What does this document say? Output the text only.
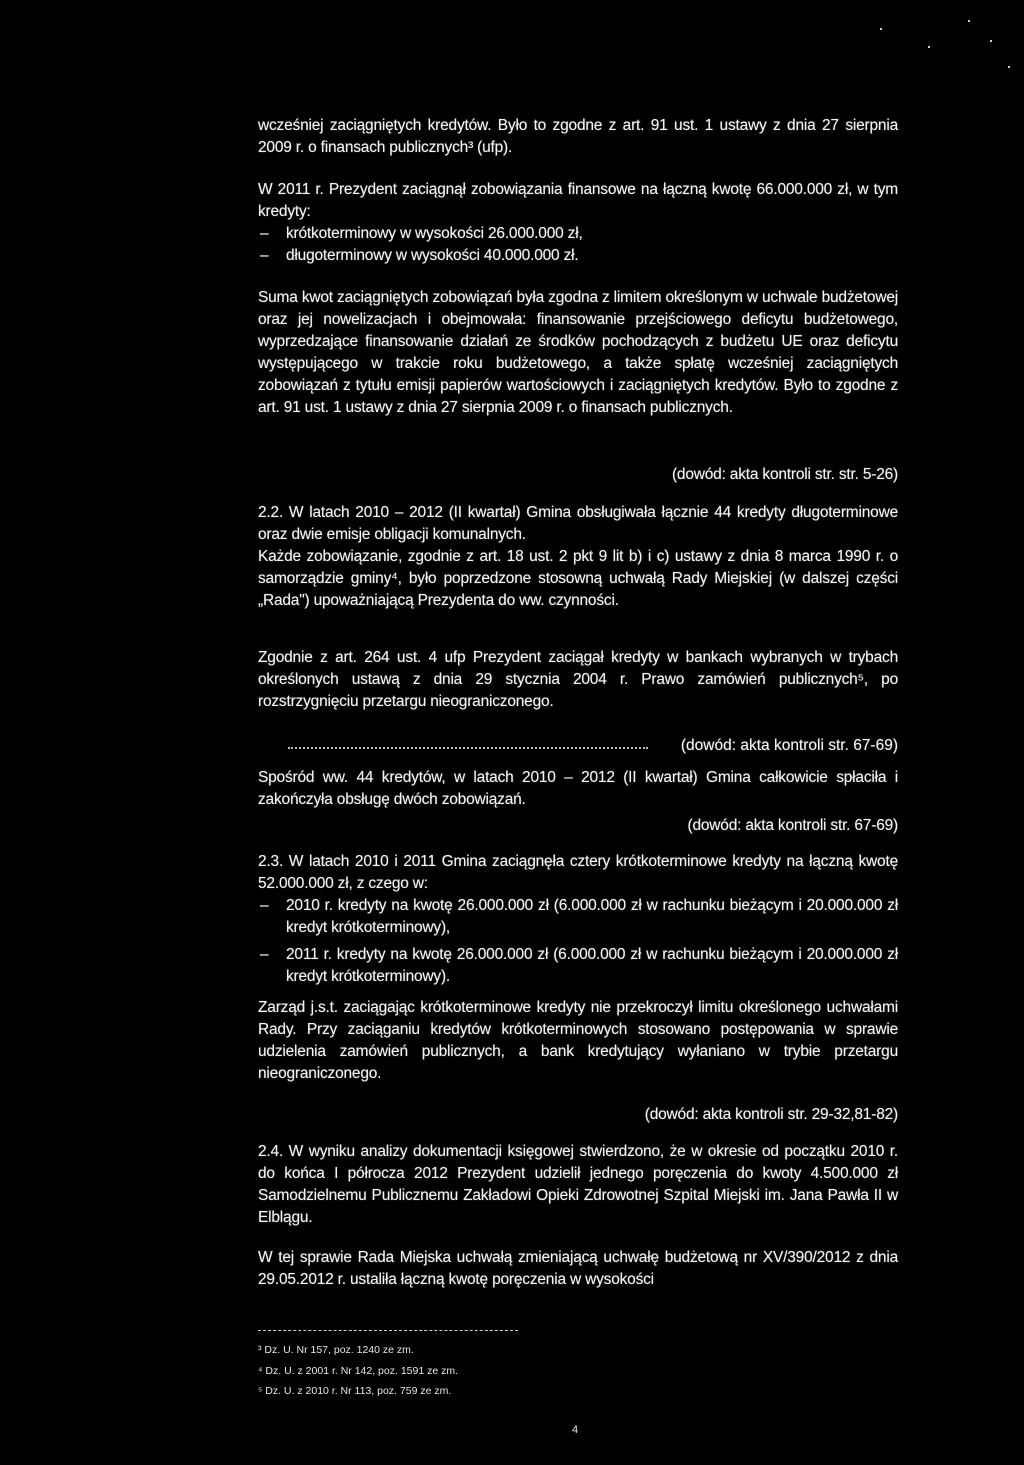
wcześniej zaciągniętych kredytów. Było to zgodne z art. 91 ust. 1 ustawy z dnia 27 sierpnia 2009 r. o finansach publicznych³ (ufp).

W 2011 r. Prezydent zaciągnął zobowiązania finansowe na łączną kwotę 66.000.000 zł, w tym kredyty:

– krótkoterminowy w wysokości 26.000.000 zł,
– długoterminowy w wysokości 40.000.000 zł.

Suma kwot zaciągniętych zobowiązań była zgodna z limitem określonym w uchwale budżetowej oraz jej nowelizacjach i obejmowała: finansowanie przejściowego deficytu budżetowego, wyprzedzające finansowanie działań ze środków pochodzących z budżetu UE oraz deficytu występującego w trakcie roku budżetowego, a także spłatę wcześniej zaciągniętych zobowiązań z tytułu emisji papierów wartościowych i zaciągniętych kredytów. Było to zgodne z art. 91 ust. 1 ustawy z dnia 27 sierpnia 2009 r. o finansach publicznych.

(dowód: akta kontroli str. str. 5-26)

2.2. W latach 2010 – 2012 (II kwartał) Gmina obsługiwała łącznie 44 kredyty długoterminowe oraz dwie emisje obligacji komunalnych.

Każde zobowiązanie, zgodnie z art. 18 ust. 2 pkt 9 lit b) i c) ustawy z dnia 8 marca 1990 r. o samorządzie gminy⁴, było poprzedzone stosowną uchwałą Rady Miejskiej (w dalszej części „Rada") upoważniającą Prezydenta do ww. czynności.

Zgodnie z art. 264 ust. 4 ufp Prezydent zaciągał kredyty w bankach wybranych w trybach określonych ustawą z dnia 29 stycznia 2004 r. Prawo zamówień publicznych⁵, po rozstrzygnięciu przetargu nieograniczonego.

(dowód: akta kontroli str. 67-69)

Spośród ww. 44 kredytów, w latach 2010 – 2012 (II kwartał) Gmina całkowicie spłaciła i zakończyła obsługę dwóch zobowiązań.

(dowód: akta kontroli str. 67-69)

2.3. W latach 2010 i 2011 Gmina zaciągnęła cztery krótkoterminowe kredyty na łączną kwotę 52.000.000 zł, z czego w:

– 2010 r. kredyty na kwotę 26.000.000 zł (6.000.000 zł w rachunku bieżącym i 20.000.000 zł kredyt krótkoterminowy),
– 2011 r. kredyty na kwotę 26.000.000 zł (6.000.000 zł w rachunku bieżącym i 20.000.000 zł kredyt krótkoterminowy).

Zarząd j.s.t. zaciągając krótkoterminowe kredyty nie przekroczył limitu określonego uchwałami Rady. Przy zaciąganiu kredytów krótkoterminowych stosowano postępowania w sprawie udzielenia zamówień publicznych, a bank kredytujący wyłaniano w trybie przetargu nieograniczonego.

(dowód: akta kontroli str. 29-32,81-82)

2.4. W wyniku analizy dokumentacji księgowej stwierdzono, że w okresie od początku 2010 r. do końca I półrocza 2012 Prezydent udzielił jednego poręczenia do kwoty 4.500.000 zł Samodzielnemu Publicznemu Zakładowi Opieki Zdrowotnej Szpital Miejski im. Jana Pawła II w Elblągu.

W tej sprawie Rada Miejska uchwałą zmieniającą uchwałę budżetową nr XV/390/2012 z dnia 29.05.2012 r. ustaliła łączną kwotę poręczenia w wysokości

³ Dz. U. Nr 157, poz. 1240 ze zm.
⁴ Dz. U. z 2001 r. Nr 142, poz. 1591 ze zm.
⁵ Dz. U. z 2010 r. Nr 113, poz. 759 ze zm.
4
